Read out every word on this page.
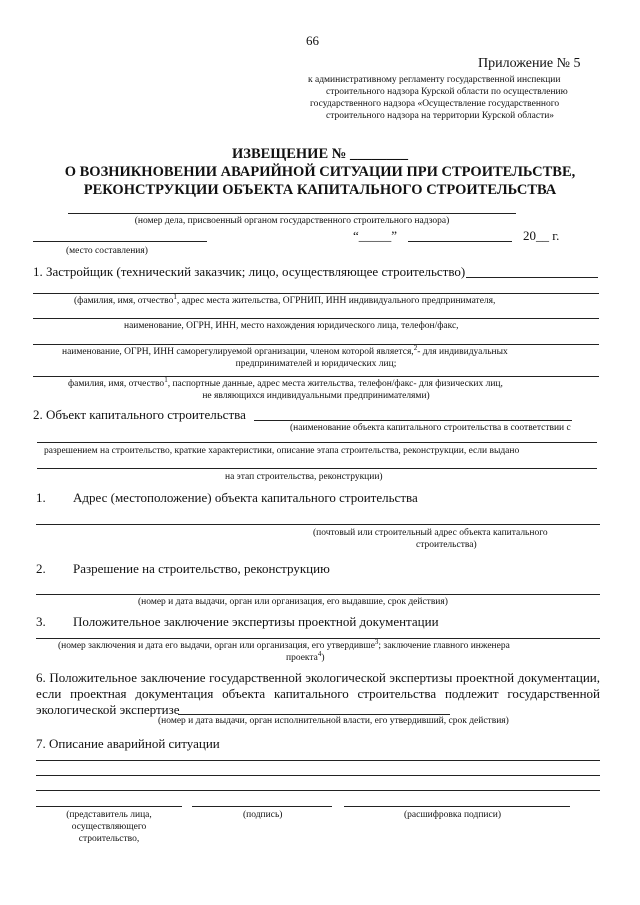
66
Приложение № 5
к административному регламенту государственной инспекции
строительного надзора Курской области по осуществлению
государственного надзора «Осуществление государственного
строительного надзора на территории Курской области»
ИЗВЕЩЕНИЕ № ________
О ВОЗНИКНОВЕНИИ АВАРИЙНОЙ СИТУАЦИИ ПРИ СТРОИТЕЛЬСТВЕ,
РЕКОНСТРУКЦИИ ОБЪЕКТА КАПИТАЛЬНОГО СТРОИТЕЛЬСТВА
(номер дела, присвоенный органом государственного строительного надзора)
“_____”	20__ г.
(место составления)
1. Застройщик (технический заказчик; лицо, осуществляющее строительство)
(фамилия, имя, отчество$^1$, адрес места жительства, ОГРНИП, ИНН индивидуального предпринимателя,
наименование, ОГРН, ИНН, место нахождения юридического лица, телефон/факс,
наименование, ОГРН, ИНН саморегулируемой организации, членом которой является,$^2$- для индивидуальных
предпринимателей и юридических лиц;
фамилия, имя, отчество$^1$, паспортные данные, адрес места жительства, телефон/факс- для физических лиц,
не являющихся индивидуальными предпринимателями)
2. Объект капитального строительства
(наименование объекта капитального строительства в соответствии с
разрешением на строительство, краткие характеристики, описание этапа строительства, реконструкции, если выдано
на этап строительства, реконструкции)
1. Адрес (местоположение) объекта капитального строительства
(почтовый или строительный адрес объекта капитального
строительства)
2. Разрешение на строительство, реконструкцию
(номер и дата выдачи, орган или организация, его выдавшие, срок действия)
3. Положительное заключение экспертизы проектной документации
(номер заключения и дата его выдачи, орган или организация, его утвердивше$^3$; заключение главного инженера
проекта$^4$)
6. Положительное заключение государственной экологической экспертизы проектной документации,
если проектная документация объекта капитального строительства подлежит государственной
экологической экспертизе
(номер и дата выдачи, орган исполнительной власти, его утвердивший, срок действия)
7. Описание аварийной ситуации
(представитель лица,
осуществляющего
строительство,
(подпись)	(расшифровка подписи)
